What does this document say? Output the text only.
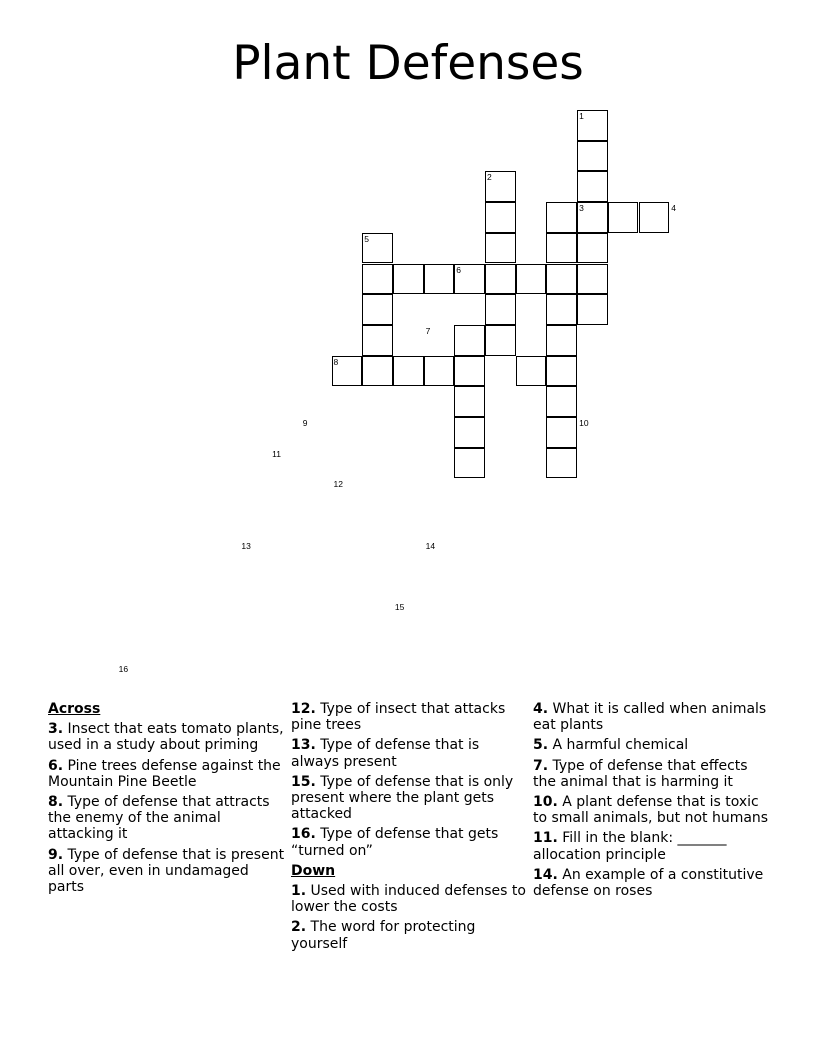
Plant Defenses
1
2
3	4
5
6
7
8
9	10
11
12
13	14
15
16
Across
3. Insect that eats tomato plants, used in a study about priming
6. Pine trees defense against the Mountain Pine Beetle
8. Type of defense that attracts the enemy of the animal attacking it
9. Type of defense that is present all over, even in undamaged parts
12. Type of insect that attacks pine trees
13. Type of defense that is always present
15. Type of defense that is only present where the plant gets attacked
16. Type of defense that gets “turned on”
Down
1. Used with induced defenses to lower the costs
2. The word for protecting yourself
4. What it is called when animals eat plants
5. A harmful chemical
7. Type of defense that effects the animal that is harming it
10. A plant defense that is toxic to small animals, but not humans
11. Fill in the blank: _______ allocation principle
14. An example of a constitutive defense on roses
